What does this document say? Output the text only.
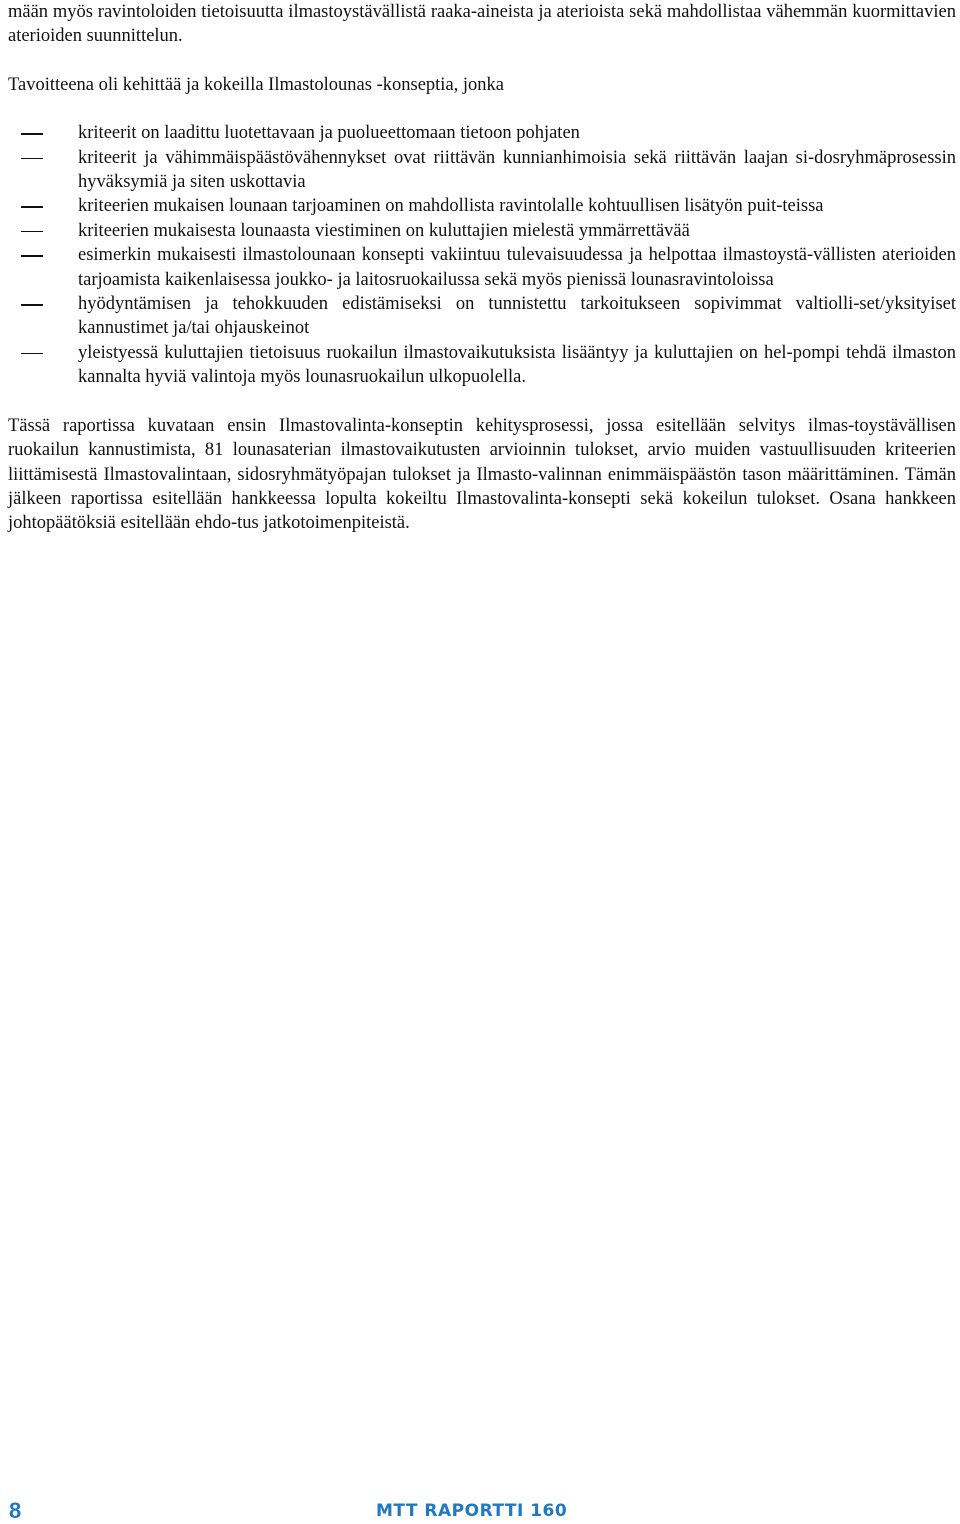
mään myös ravintoloiden tietoisuutta ilmastoystävällistä raaka-aineista ja aterioista sekä mahdollistaa vähemmän kuormittavien aterioiden suunnittelun.

Tavoitteena oli kehittää ja kokeilla Ilmastolounas -konseptia, jonka

kriteerit on laadittu luotettavaan ja puolueettomaan tietoon pohjaten
kriteerit ja vähimmäispäästövähennykset ovat riittävän kunnianhimoisia sekä riittävän laajan si-dosryhmäprosessin hyväksymiä ja siten uskottavia
kriteerien mukaisen lounaan tarjoaminen on mahdollista ravintolalle kohtuullisen lisätyön puit-teissa
kriteerien mukaisesta lounaasta viestiminen on kuluttajien mielestä ymmärrettävää
esimerkin mukaisesti ilmastolounaan konsepti vakiintuu tulevaisuudessa ja helpottaa ilmastoystä-vällisten aterioiden tarjoamista kaikenlaisessa joukko- ja laitosruokailussa sekä myös pienissä lounasravintoloissa
hyödyntämisen ja tehokkuuden edistämiseksi on tunnistettu tarkoitukseen sopivimmat valtiolli-set/yksityiset kannustimet ja/tai ohjauskeinot
yleistyessä kuluttajien tietoisuus ruokailun ilmastovaikutuksista lisääntyy ja kuluttajien on hel-pompi tehdä ilmaston kannalta hyviä valintoja myös lounasruokailun ulkopuolella.

Tässä raportissa kuvataan ensin Ilmastovalinta-konseptin kehitysprosessi, jossa esitellään selvitys ilmas-toystävällisen ruokailun kannustimista, 81 lounasaterian ilmastovaikutusten arvioinnin tulokset, arvio muiden vastuullisuuden kriteerien liittämisestä Ilmastovalintaan, sidosryhmätyöpajan tulokset ja Ilmasto-valinnan enimmäispäästön tason määrittäminen. Tämän jälkeen raportissa esitellään hankkeessa lopulta kokeiltu Ilmastovalinta-konsepti sekä kokeilun tulokset. Osana hankkeen johtopäätöksiä esitellään ehdo-tus jatkotoimenpiteistä.

8	MTT RAPORTTI 160
